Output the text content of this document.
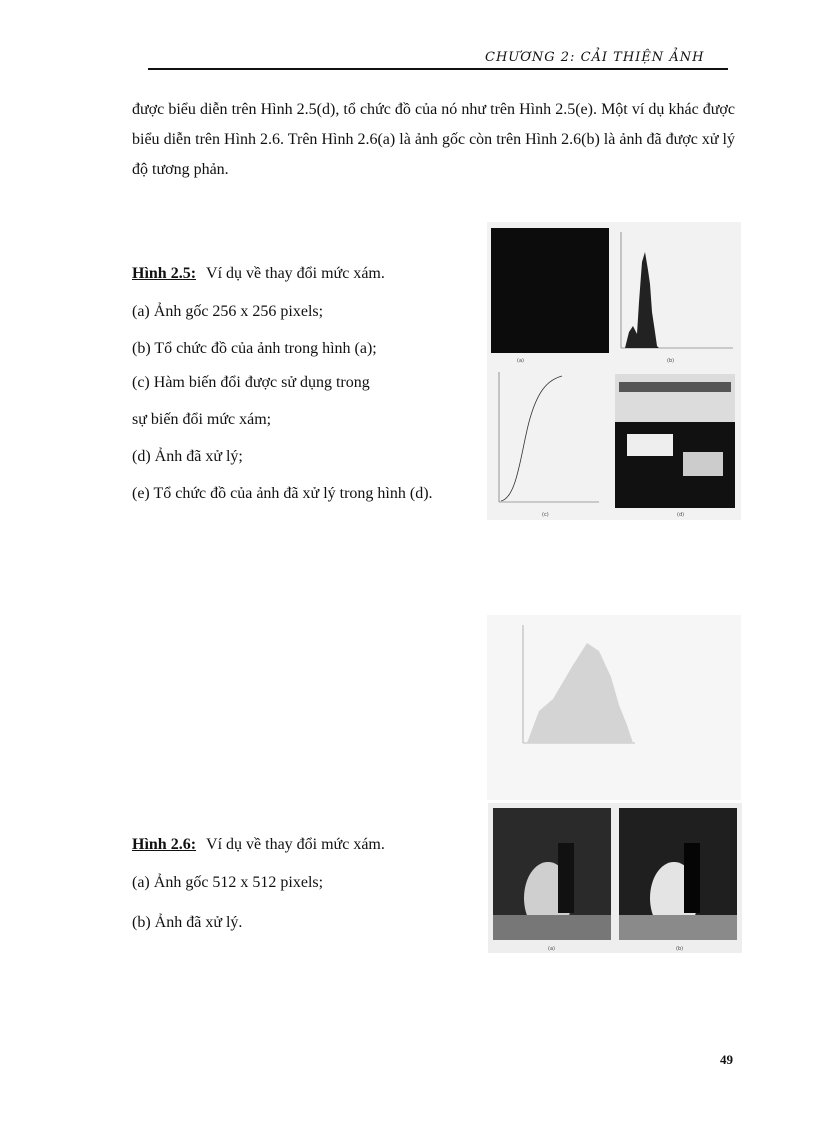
CHƯƠNG 2: CẢI THIỆN ẢNH
được biểu diễn trên Hình 2.5(d), tổ chức đồ của nó như trên Hình 2.5(e). Một ví dụ khác được biểu diễn trên Hình 2.6. Trên Hình 2.6(a) là ảnh gốc còn trên Hình 2.6(b) là ảnh đã được xử lý độ tương phản.
Hình 2.5: Ví dụ về thay đổi mức xám.
(a) Ảnh gốc 256 x 256 pixels;
(b) Tổ chức đồ của ảnh trong hình (a);
(c) Hàm biến đổi được sử dụng trong
sự biến đổi mức xám;
(d) Ảnh đã xử lý;
(e) Tổ chức đồ của ảnh đã xử lý trong hình (d).
(a)	(b)
(c)	(d)
Hình 2.6: Ví dụ về thay đổi mức xám.
(a) Ảnh gốc 512 x 512 pixels;
(b) Ảnh đã xử lý.
(a)	(b)
49
